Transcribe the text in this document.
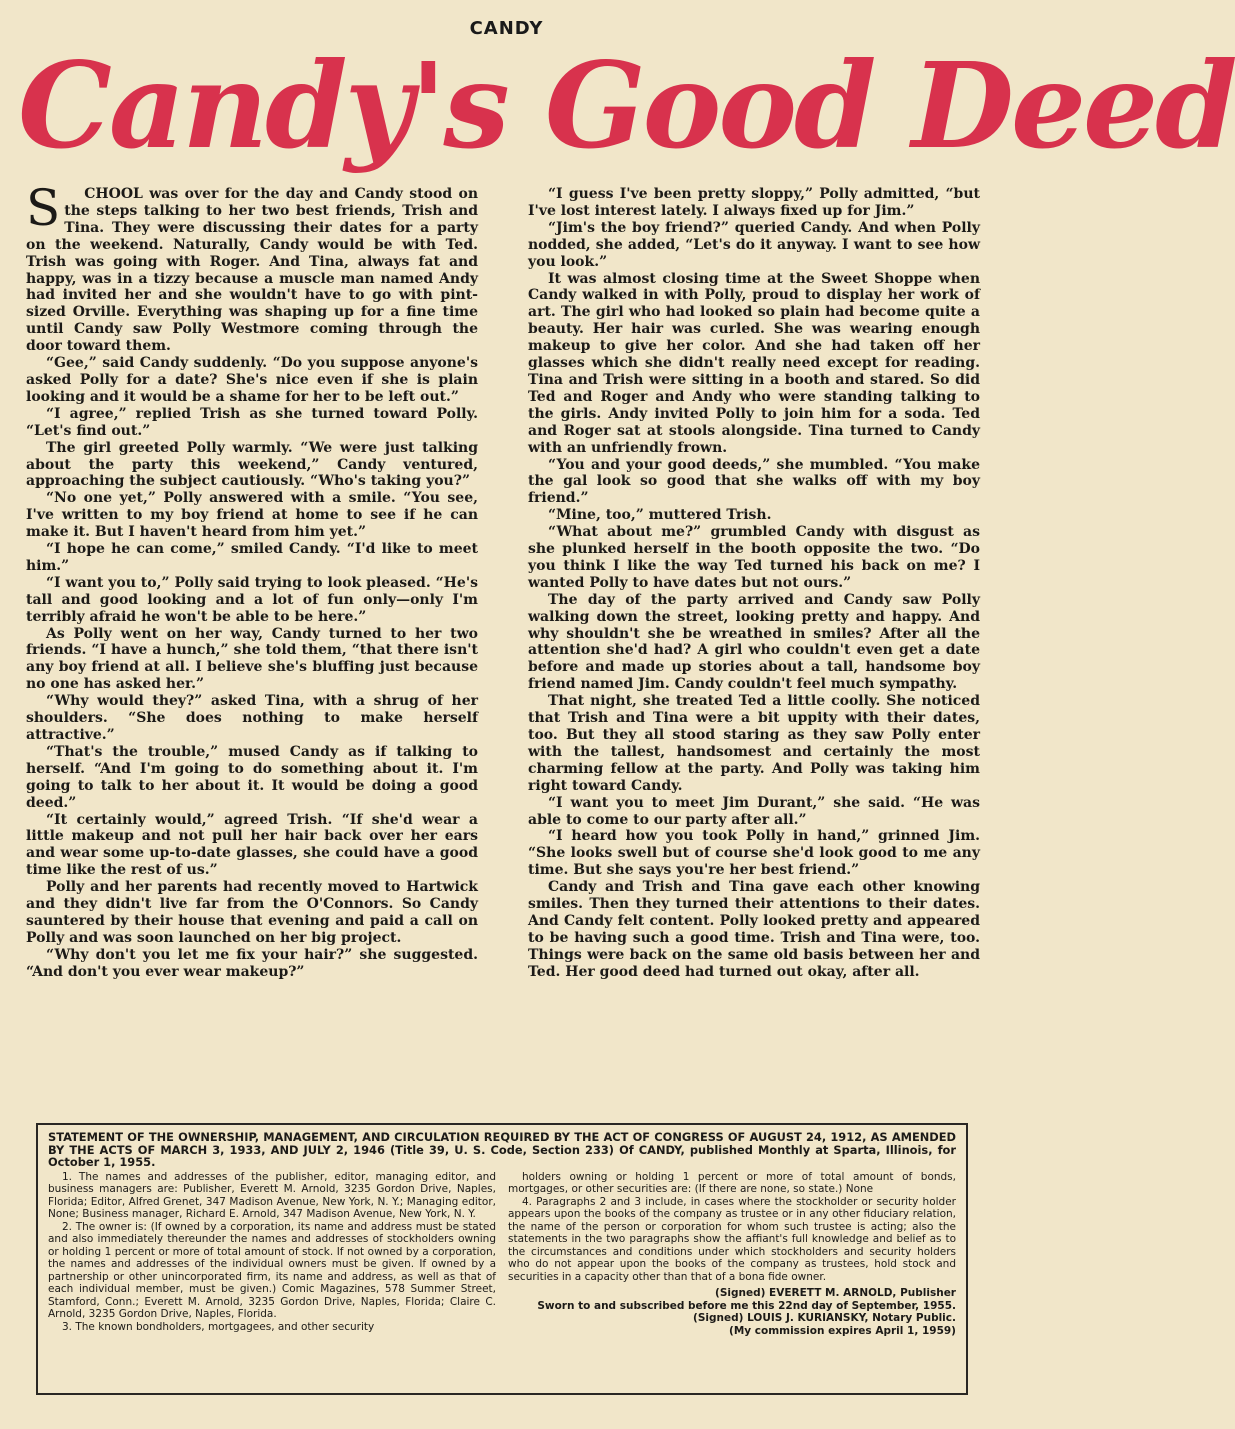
CANDY
Candy's Good Deed

S CHOOL was over for the day and Candy stood on the steps talking to her two best friends, Trish and Tina. They were discussing their dates for a party on the weekend. Naturally, Candy would be with Ted. Trish was going with Roger. And Tina, always fat and happy, was in a tizzy because a muscle man named Andy had invited her and she wouldn't have to go with pint-sized Orville. Everything was shaping up for a fine time until Candy saw Polly Westmore coming through the door toward them.

“Gee,” said Candy suddenly. “Do you suppose anyone's asked Polly for a date? She's nice even if she is plain looking and it would be a shame for her to be left out.”

“I agree,” replied Trish as she turned toward Polly. “Let's find out.”

The girl greeted Polly warmly. “We were just talking about the party this weekend,” Candy ventured, approaching the subject cautiously. “Who's taking you?”

“No one yet,” Polly answered with a smile. “You see, I've written to my boy friend at home to see if he can make it. But I haven't heard from him yet.”

“I hope he can come,” smiled Candy. “I'd like to meet him.”

“I want you to,” Polly said trying to look pleased. “He's tall and good looking and a lot of fun only—only I'm terribly afraid he won't be able to be here.”

As Polly went on her way, Candy turned to her two friends. “I have a hunch,” she told them, “that there isn't any boy friend at all. I believe she's bluffing just because no one has asked her.”

“Why would they?” asked Tina, with a shrug of her shoulders. “She does nothing to make herself attractive.”

“That's the trouble,” mused Candy as if talking to herself. “And I'm going to do something about it. I'm going to talk to her about it. It would be doing a good deed.”

“It certainly would,” agreed Trish. “If she'd wear a little makeup and not pull her hair back over her ears and wear some up-to-date glasses, she could have a good time like the rest of us.”

Polly and her parents had recently moved to Hartwick and they didn't live far from the O'Connors. So Candy sauntered by their house that evening and paid a call on Polly and was soon launched on her big project.

“Why don't you let me fix your hair?” she suggested. “And don't you ever wear makeup?”

“I guess I've been pretty sloppy,” Polly admitted, “but I've lost interest lately. I always fixed up for Jim.”

“Jim's the boy friend?” queried Candy. And when Polly nodded, she added, “Let's do it anyway. I want to see how you look.”

It was almost closing time at the Sweet Shoppe when Candy walked in with Polly, proud to display her work of art. The girl who had looked so plain had become quite a beauty. Her hair was curled. She was wearing enough makeup to give her color. And she had taken off her glasses which she didn't really need except for reading. Tina and Trish were sitting in a booth and stared. So did Ted and Roger and Andy who were standing talking to the girls. Andy invited Polly to join him for a soda. Ted and Roger sat at stools alongside. Tina turned to Candy with an unfriendly frown.

“You and your good deeds,” she mumbled. “You make the gal look so good that she walks off with my boy friend.”

“Mine, too,” muttered Trish.

“What about me?” grumbled Candy with disgust as she plunked herself in the booth opposite the two. “Do you think I like the way Ted turned his back on me? I wanted Polly to have dates but not ours.”

The day of the party arrived and Candy saw Polly walking down the street, looking pretty and happy. And why shouldn't she be wreathed in smiles? After all the attention she'd had? A girl who couldn't even get a date before and made up stories about a tall, handsome boy friend named Jim. Candy couldn't feel much sympathy.

That night, she treated Ted a little coolly. She noticed that Trish and Tina were a bit uppity with their dates, too. But they all stood staring as they saw Polly enter with the tallest, handsomest and certainly the most charming fellow at the party. And Polly was taking him right toward Candy.

“I want you to meet Jim Durant,” she said. “He was able to come to our party after all.”

“I heard how you took Polly in hand,” grinned Jim. “She looks swell but of course she'd look good to me any time. But she says you're her best friend.”

Candy and Trish and Tina gave each other knowing smiles. Then they turned their attentions to their dates. And Candy felt content. Polly looked pretty and appeared to be having such a good time. Trish and Tina were, too. Things were back on the same old basis between her and Ted. Her good deed had turned out okay, after all.

STATEMENT OF THE OWNERSHIP, MANAGEMENT, AND CIRCULATION REQUIRED BY THE ACT OF CONGRESS OF AUGUST 24, 1912, AS AMENDED BY THE ACTS OF MARCH 3, 1933, AND JULY 2, 1946 (Title 39, U. S. Code, Section 233) Of CANDY, published Monthly at Sparta, Illinois, for October 1, 1955.

1. The names and addresses of the publisher, editor, managing editor, and business managers are: Publisher, Everett M. Arnold, 3235 Gordon Drive, Naples, Florida; Editor, Alfred Grenet, 347 Madison Avenue, New York, N. Y.; Managing editor, None; Business manager, Richard E. Arnold, 347 Madison Avenue, New York, N. Y.

2. The owner is: (If owned by a corporation, its name and address must be stated and also immediately thereunder the names and addresses of stockholders owning or holding 1 percent or more of total amount of stock. If not owned by a corporation, the names and addresses of the individual owners must be given. If owned by a partnership or other unincorporated firm, its name and address, as well as that of each individual member, must be given.) Comic Magazines, 578 Summer Street, Stamford, Conn.; Everett M. Arnold, 3235 Gordon Drive, Naples, Florida; Claire C. Arnold, 3235 Gordon Drive, Naples, Florida.

3. The known bondholders, mortgagees, and other security

holders owning or holding 1 percent or more of total amount of bonds, mortgages, or other securities are: (If there are none, so state.) None

4. Paragraphs 2 and 3 include, in cases where the stockholder or security holder appears upon the books of the company as trustee or in any other fiduciary relation, the name of the person or corporation for whom such trustee is acting; also the statements in the two paragraphs show the affiant's full knowledge and belief as to the circumstances and conditions under which stockholders and security holders who do not appear upon the books of the company as trustees, hold stock and securities in a capacity other than that of a bona fide owner.

(Signed) EVERETT M. ARNOLD, Publisher
Sworn to and subscribed before me this 22nd day of September, 1955. (Signed) LOUIS J. KURIANSKY, Notary Public.
(My commission expires April 1, 1959)
